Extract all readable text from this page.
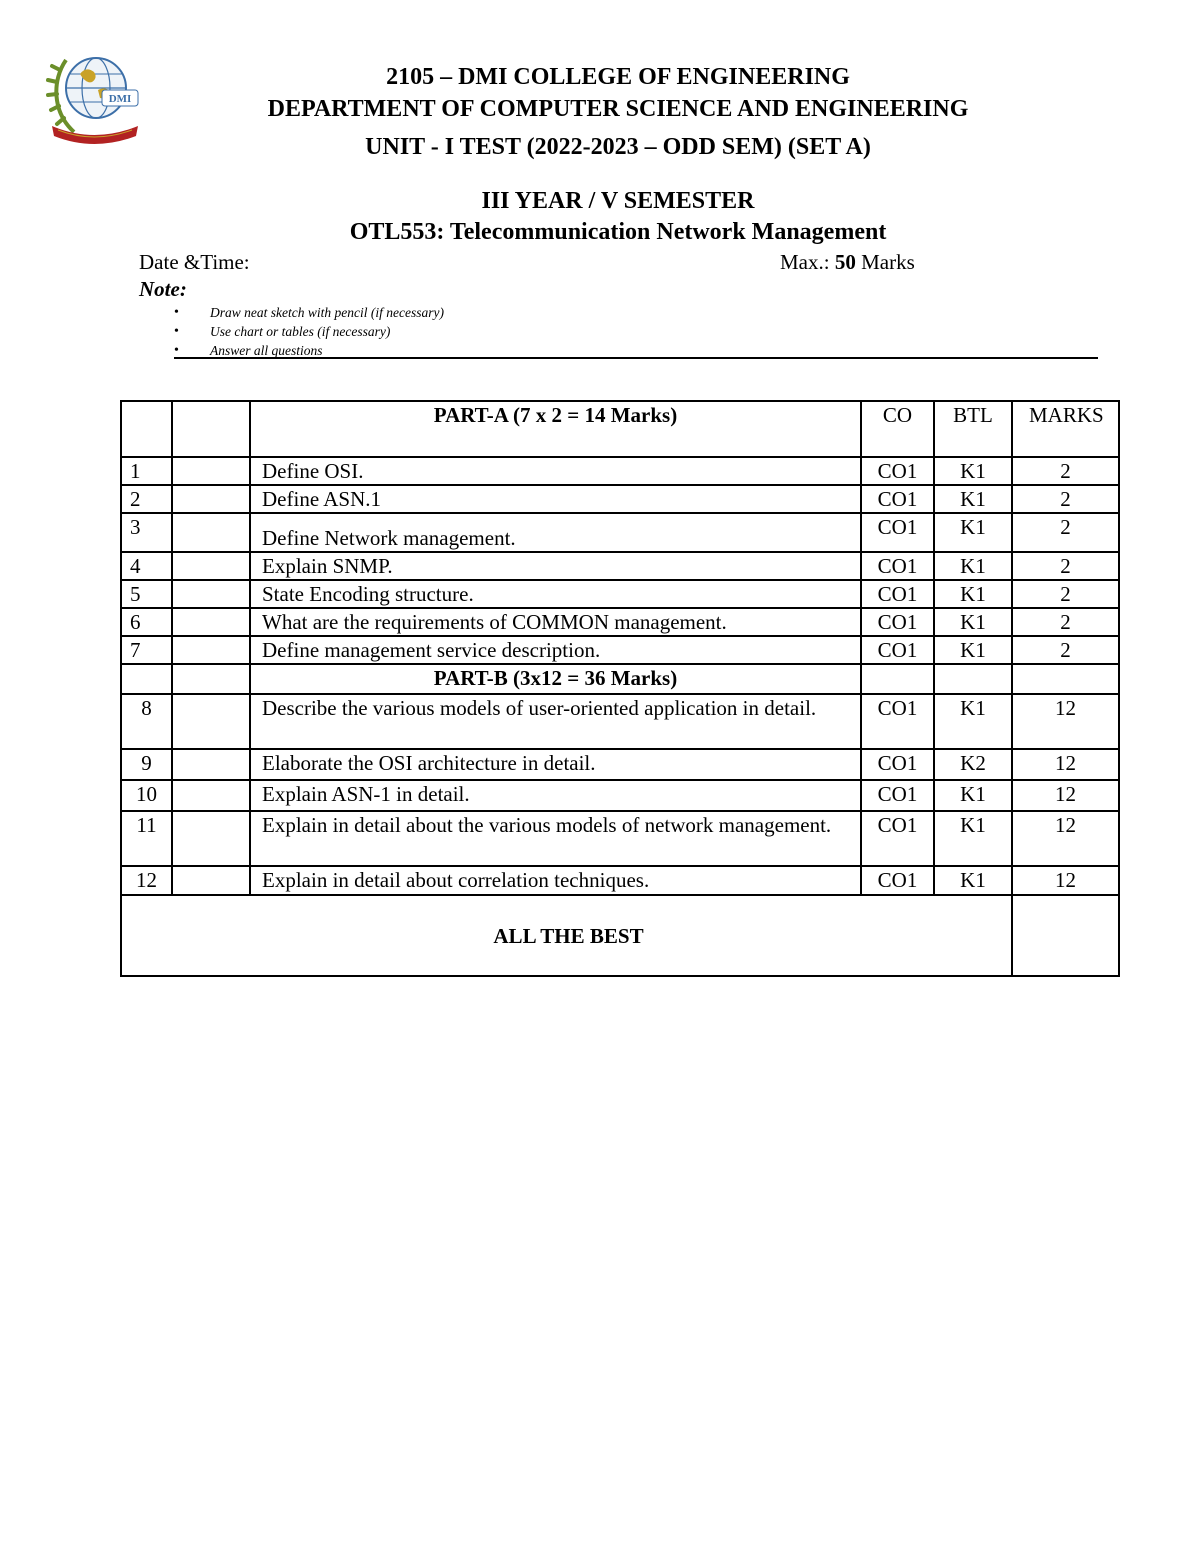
DMI
2105 – DMI COLLEGE OF ENGINEERING
DEPARTMENT OF COMPUTER SCIENCE AND ENGINEERING
UNIT - I TEST (2022-2023 – ODD SEM) (SET A)
III YEAR / V SEMESTER
OTL553: Telecommunication Network Management
Date &Time:	Max.: 50 Marks
Note:
• Draw neat sketch with pencil (if necessary)
• Use chart or tables (if necessary)
• Answer all questions
		PART-A (7 x 2 = 14 Marks)	CO	BTL	MARKS
1		Define OSI.	CO1	K1	2
2		Define ASN.1	CO1	K1	2
3		Define Network management.	CO1	K1	2
4		Explain SNMP.	CO1	K1	2
5		State Encoding structure.	CO1	K1	2
6		What are the requirements of COMMON management.	CO1	K1	2
7		Define management service description.	CO1	K1	2
		PART-B (3x12 = 36 Marks)			
8		Describe the various models of user-oriented application in detail.	CO1	K1	12
9		Elaborate the OSI architecture in detail.	CO1	K2	12
10		Explain ASN-1 in detail.	CO1	K1	12
11		Explain in detail about the various models of network management.	CO1	K1	12
12		Explain in detail about correlation techniques.	CO1	K1	12
ALL THE BEST					
